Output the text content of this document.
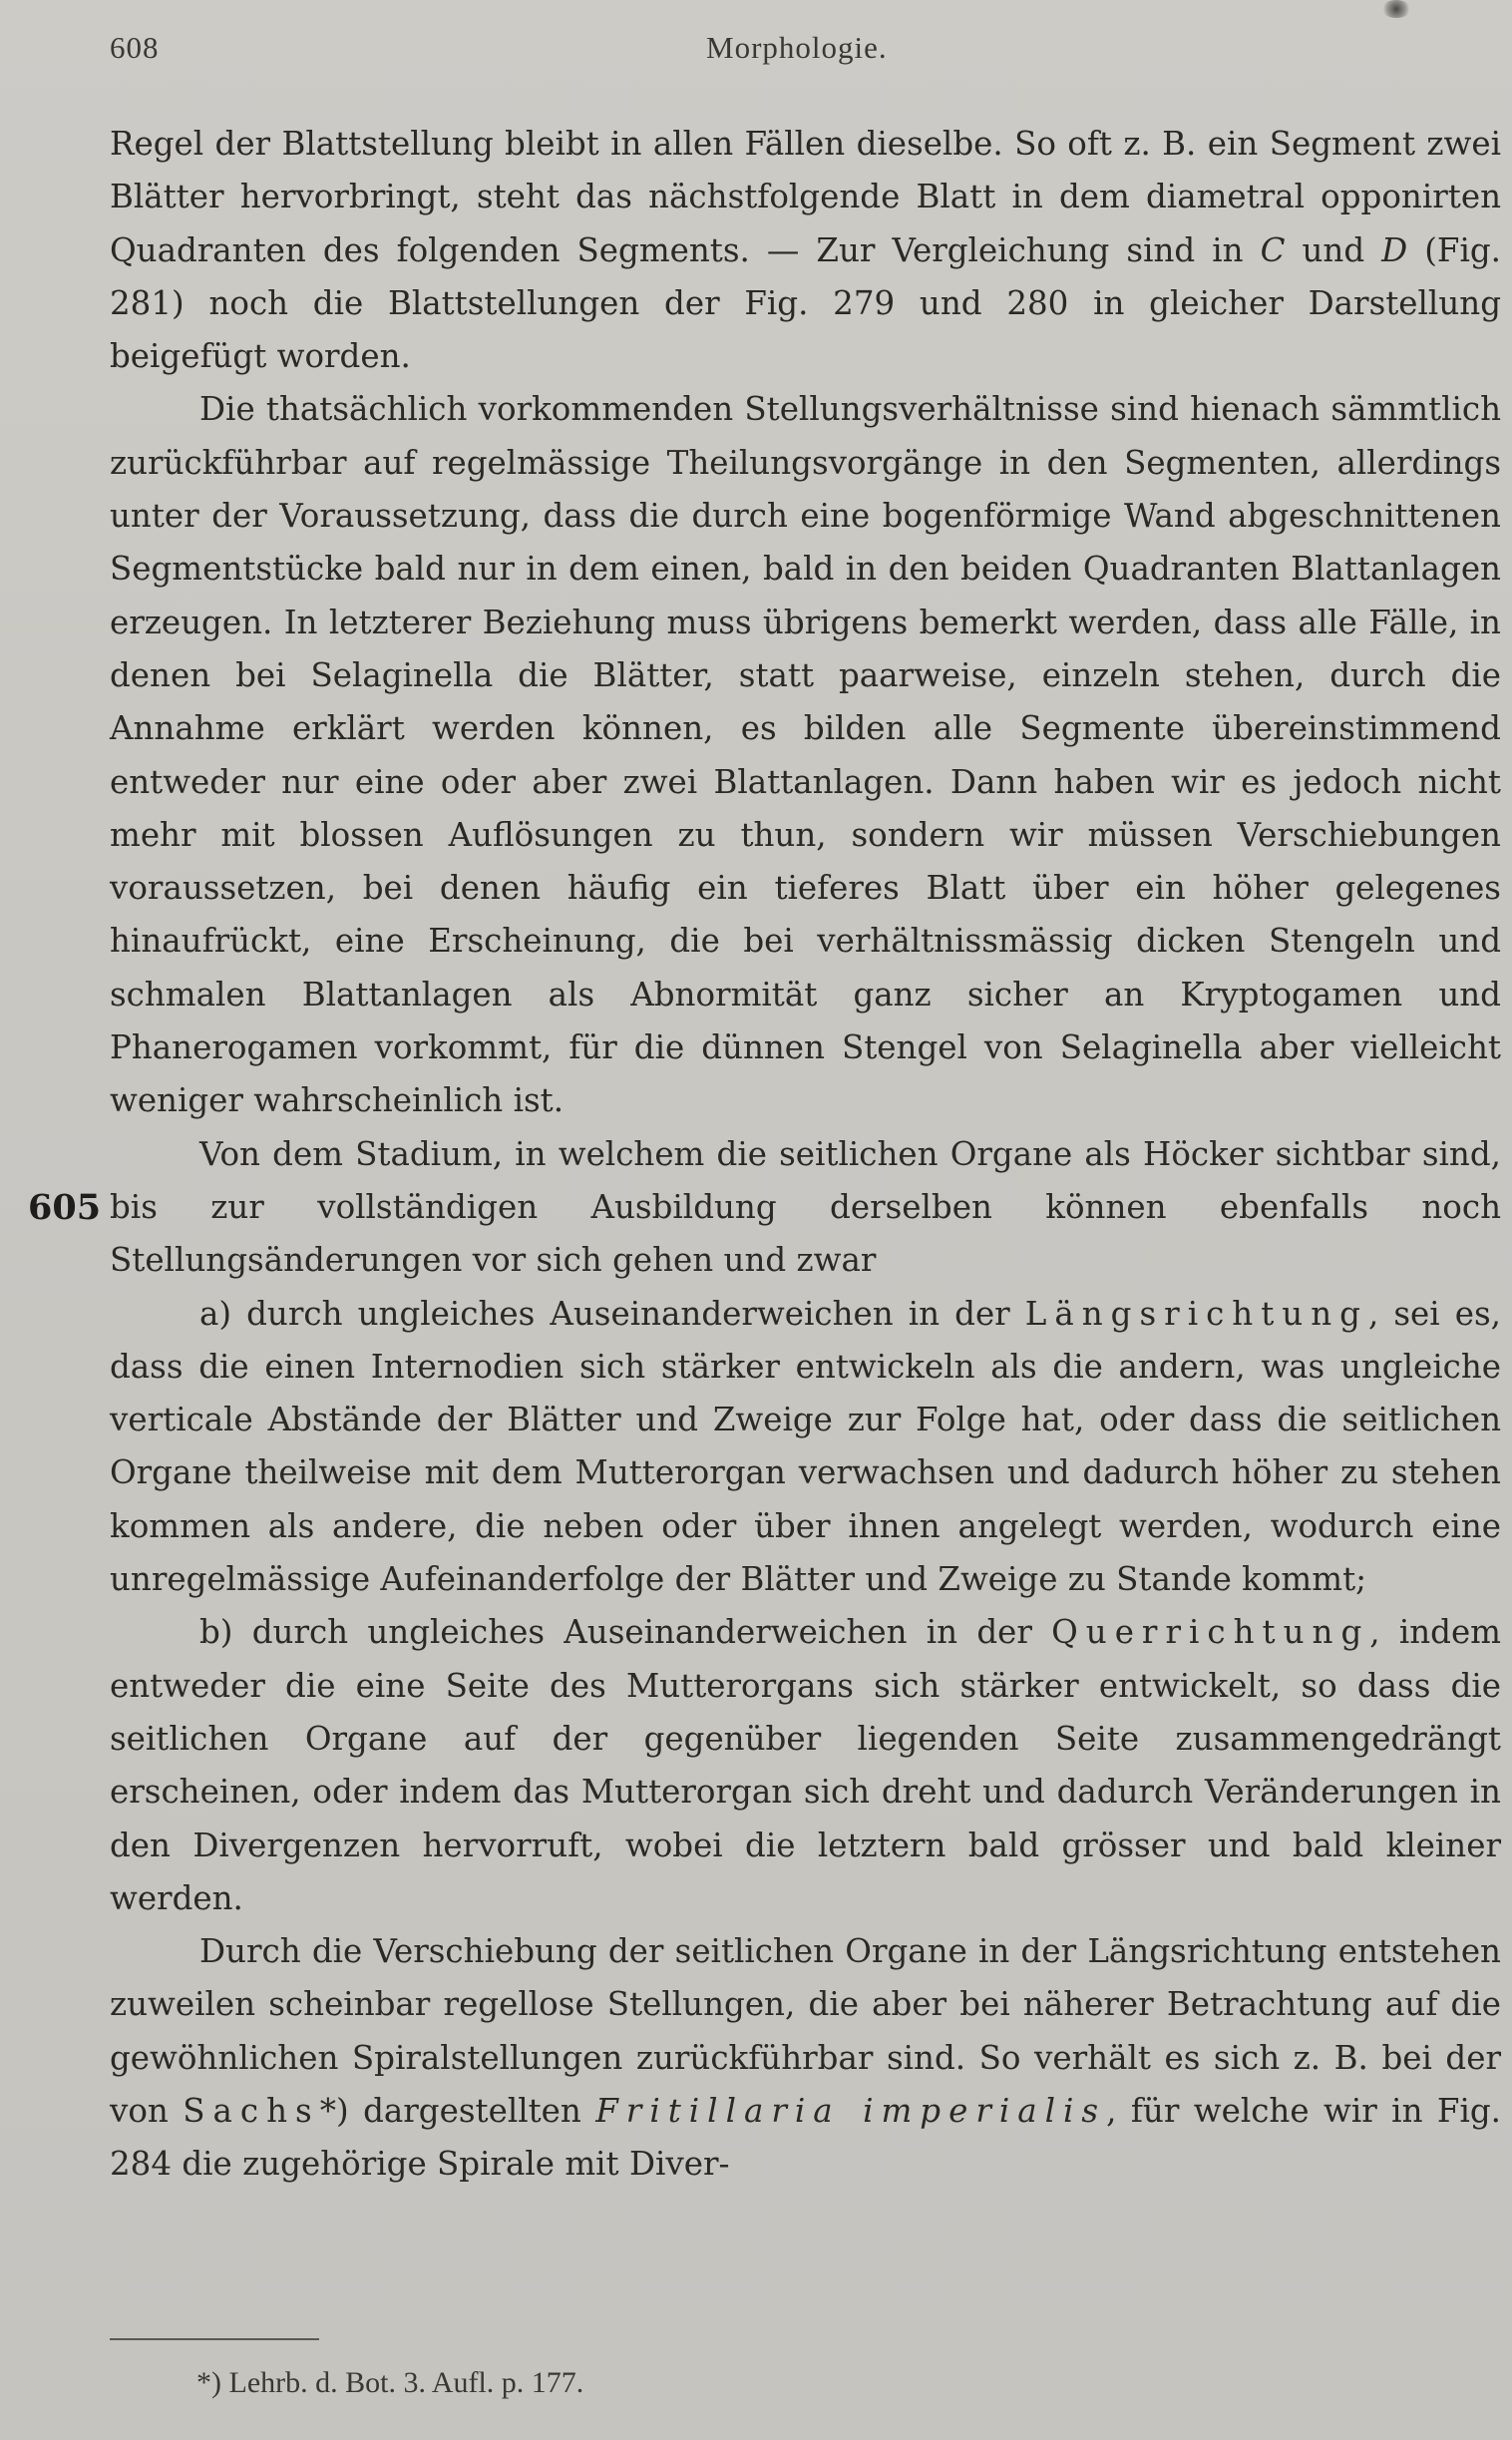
608	Morphologie.
605

Regel der Blattstellung bleibt in allen Fällen dieselbe. So oft z. B. ein Segment zwei Blätter hervorbringt, steht das nächstfolgende Blatt in dem diametral opponirten Quadranten des folgenden Segments. — Zur Vergleichung sind in C und D (Fig. 281) noch die Blattstellungen der Fig. 279 und 280 in gleicher Darstellung beigefügt worden.

Die thatsächlich vorkommenden Stellungsverhältnisse sind hienach sämmtlich zurückführbar auf regelmässige Theilungsvorgänge in den Segmenten, allerdings unter der Voraussetzung, dass die durch eine bogenförmige Wand abgeschnittenen Segmentstücke bald nur in dem einen, bald in den beiden Quadranten Blattanlagen erzeugen. In letzterer Beziehung muss übrigens bemerkt werden, dass alle Fälle, in denen bei Selaginella die Blätter, statt paarweise, einzeln stehen, durch die Annahme erklärt werden können, es bilden alle Segmente übereinstimmend entweder nur eine oder aber zwei Blattanlagen. Dann haben wir es jedoch nicht mehr mit blossen Auflösungen zu thun, sondern wir müssen Verschiebungen voraussetzen, bei denen häufig ein tieferes Blatt über ein höher gelegenes hinaufrückt, eine Erscheinung, die bei verhältnissmässig dicken Stengeln und schmalen Blattanlagen als Abnormität ganz sicher an Kryptogamen und Phanerogamen vorkommt, für die dünnen Stengel von Selaginella aber vielleicht weniger wahrscheinlich ist.

Von dem Stadium, in welchem die seitlichen Organe als Höcker sichtbar sind, bis zur vollständigen Ausbildung derselben können ebenfalls noch Stellungsänderungen vor sich gehen und zwar

a) durch ungleiches Auseinanderweichen in der Längsrichtung, sei es, dass die einen Internodien sich stärker entwickeln als die andern, was ungleiche verticale Abstände der Blätter und Zweige zur Folge hat, oder dass die seitlichen Organe theilweise mit dem Mutterorgan verwachsen und dadurch höher zu stehen kommen als andere, die neben oder über ihnen angelegt werden, wodurch eine unregelmässige Aufeinanderfolge der Blätter und Zweige zu Stande kommt;

b) durch ungleiches Auseinanderweichen in der Querrichtung, indem entweder die eine Seite des Mutterorgans sich stärker entwickelt, so dass die seitlichen Organe auf der gegenüber liegenden Seite zusammengedrängt erscheinen, oder indem das Mutterorgan sich dreht und dadurch Veränderungen in den Divergenzen hervorruft, wobei die letztern bald grösser und bald kleiner werden.

Durch die Verschiebung der seitlichen Organe in der Längsrichtung entstehen zuweilen scheinbar regellose Stellungen, die aber bei näherer Betrachtung auf die gewöhnlichen Spiralstellungen zurückführbar sind. So verhält es sich z. B. bei der von Sachs*) dargestellten Fritillaria imperialis, für welche wir in Fig. 284 die zugehörige Spirale mit Diver-

*) Lehrb. d. Bot. 3. Aufl. p. 177.
